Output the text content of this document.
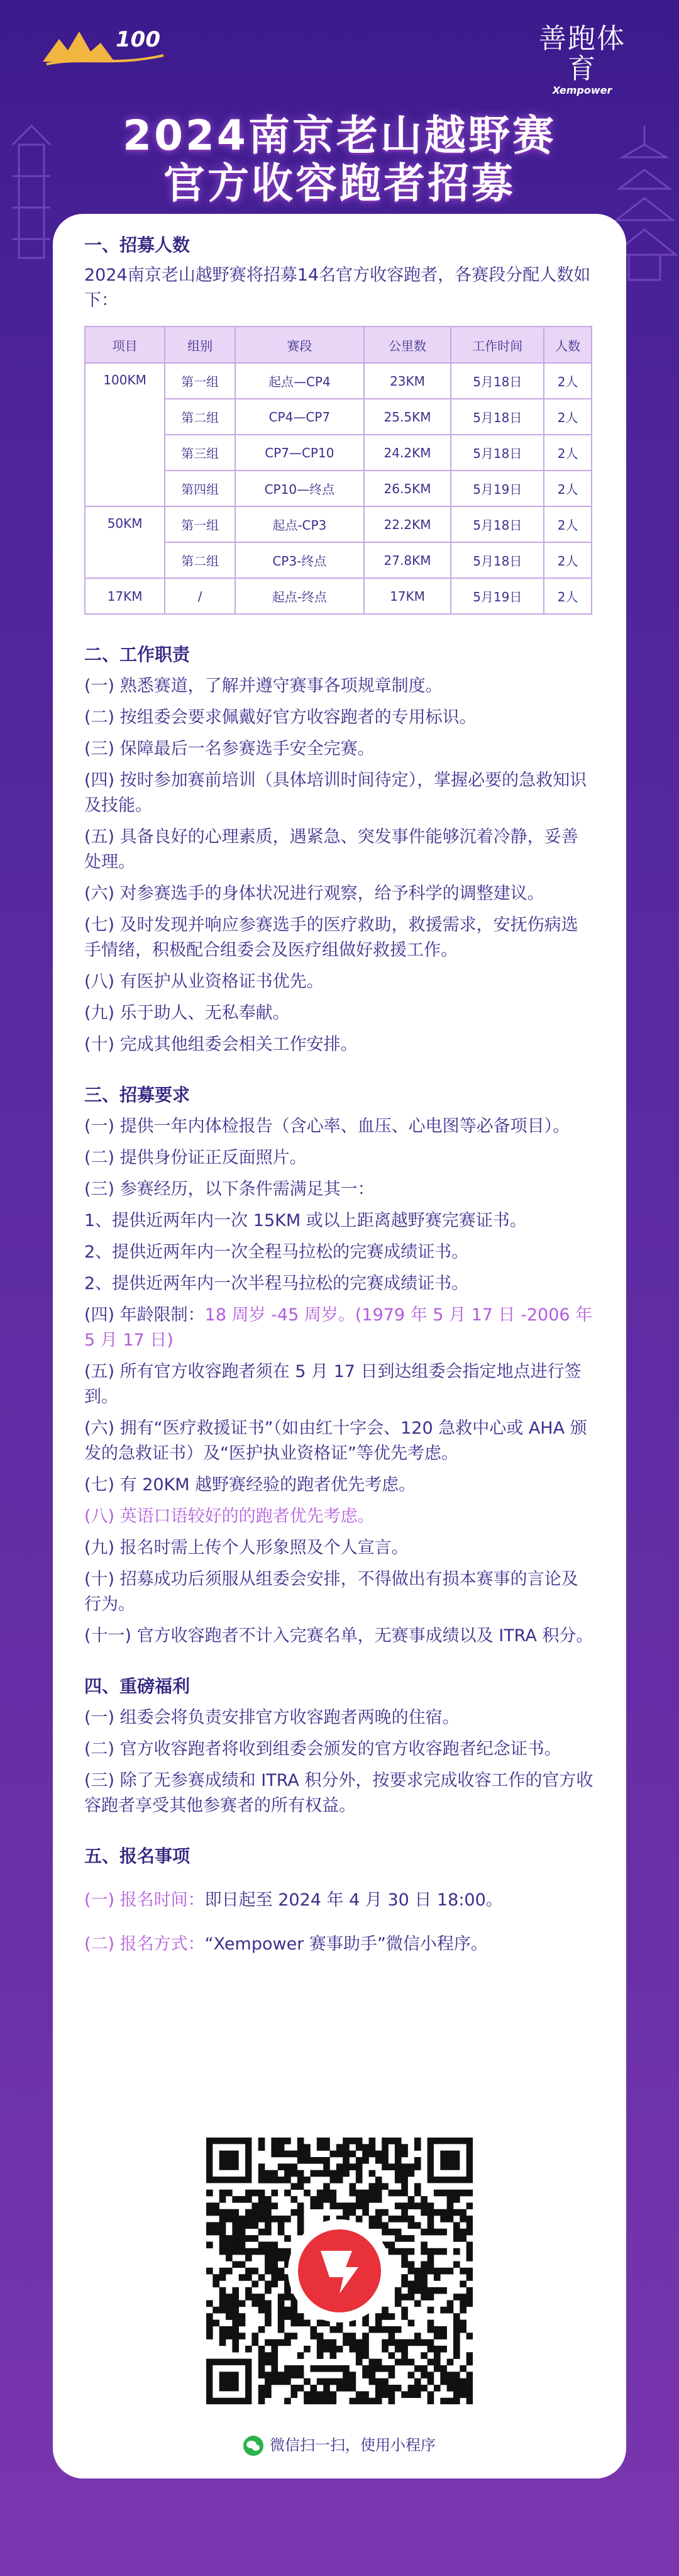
100	善跑体育
Xempower
2024南京老山越野赛
官方收容跑者招募
一、招募人数
2024南京老山越野赛将招募14名官方收容跑者，各赛段分配人数如下：
项目	组别	赛段	公里数	工作时间	人数
100KM	第一组	起点—CP4	23KM	5月18日	2人
	第二组	CP4—CP7	25.5KM	5月18日	2人
	第三组	CP7—CP10	24.2KM	5月18日	2人
	第四组	CP10—终点	26.5KM	5月19日	2人
50KM	第一组	起点-CP3	22.2KM	5月18日	2人
	第二组	CP3-终点	27.8KM	5月18日	2人
17KM	/	起点-终点	17KM	5月19日	2人
二、工作职责
(一) 熟悉赛道，了解并遵守赛事各项规章制度。
(二) 按组委会要求佩戴好官方收容跑者的专用标识。
(三) 保障最后一名参赛选手安全完赛。
(四) 按时参加赛前培训（具体培训时间待定），掌握必要的急救知识及技能。
(五) 具备良好的心理素质，遇紧急、突发事件能够沉着冷静，妥善处理。
(六) 对参赛选手的身体状况进行观察，给予科学的调整建议。
(七) 及时发现并响应参赛选手的医疗救助，救援需求，安抚伤病选手情绪，积极配合组委会及医疗组做好救援工作。
(八) 有医护从业资格证书优先。
(九) 乐于助人、无私奉献。
(十) 完成其他组委会相关工作安排。
三、招募要求
(一) 提供一年内体检报告（含心率、血压、心电图等必备项目）。
(二) 提供身份证正反面照片。
(三) 参赛经历，以下条件需满足其一：
1、提供近两年内一次 15KM 或以上距离越野赛完赛证书。
2、提供近两年内一次全程马拉松的完赛成绩证书。
2、提供近两年内一次半程马拉松的完赛成绩证书。
(四) 年龄限制：18 周岁 -45 周岁。(1979 年 5 月 17 日 -2006 年 5 月 17 日)
(五) 所有官方收容跑者须在 5 月 17 日到达组委会指定地点进行签到。
(六) 拥有“医疗救援证书”（如由红十字会、120 急救中心或 AHA 颁发的急救证书）及“医护执业资格证”等优先考虑。
(七) 有 20KM 越野赛经验的跑者优先考虑。
(八) 英语口语较好的的跑者优先考虑。
(九) 报名时需上传个人形象照及个人宣言。
(十) 招募成功后须服从组委会安排，不得做出有损本赛事的言论及行为。
(十一) 官方收容跑者不计入完赛名单，无赛事成绩以及 ITRA 积分。
四、重磅福利
(一) 组委会将负责安排官方收容跑者两晚的住宿。
(二) 官方收容跑者将收到组委会颁发的官方收容跑者纪念证书。
(三) 除了无参赛成绩和 ITRA 积分外，按要求完成收容工作的官方收容跑者享受其他参赛者的所有权益。
五、报名事项
(一) 报名时间：即日起至 2024 年 4 月 30 日 18:00。
(二) 报名方式：“Xempower 赛事助手”微信小程序。
微信扫一扫，使用小程序
